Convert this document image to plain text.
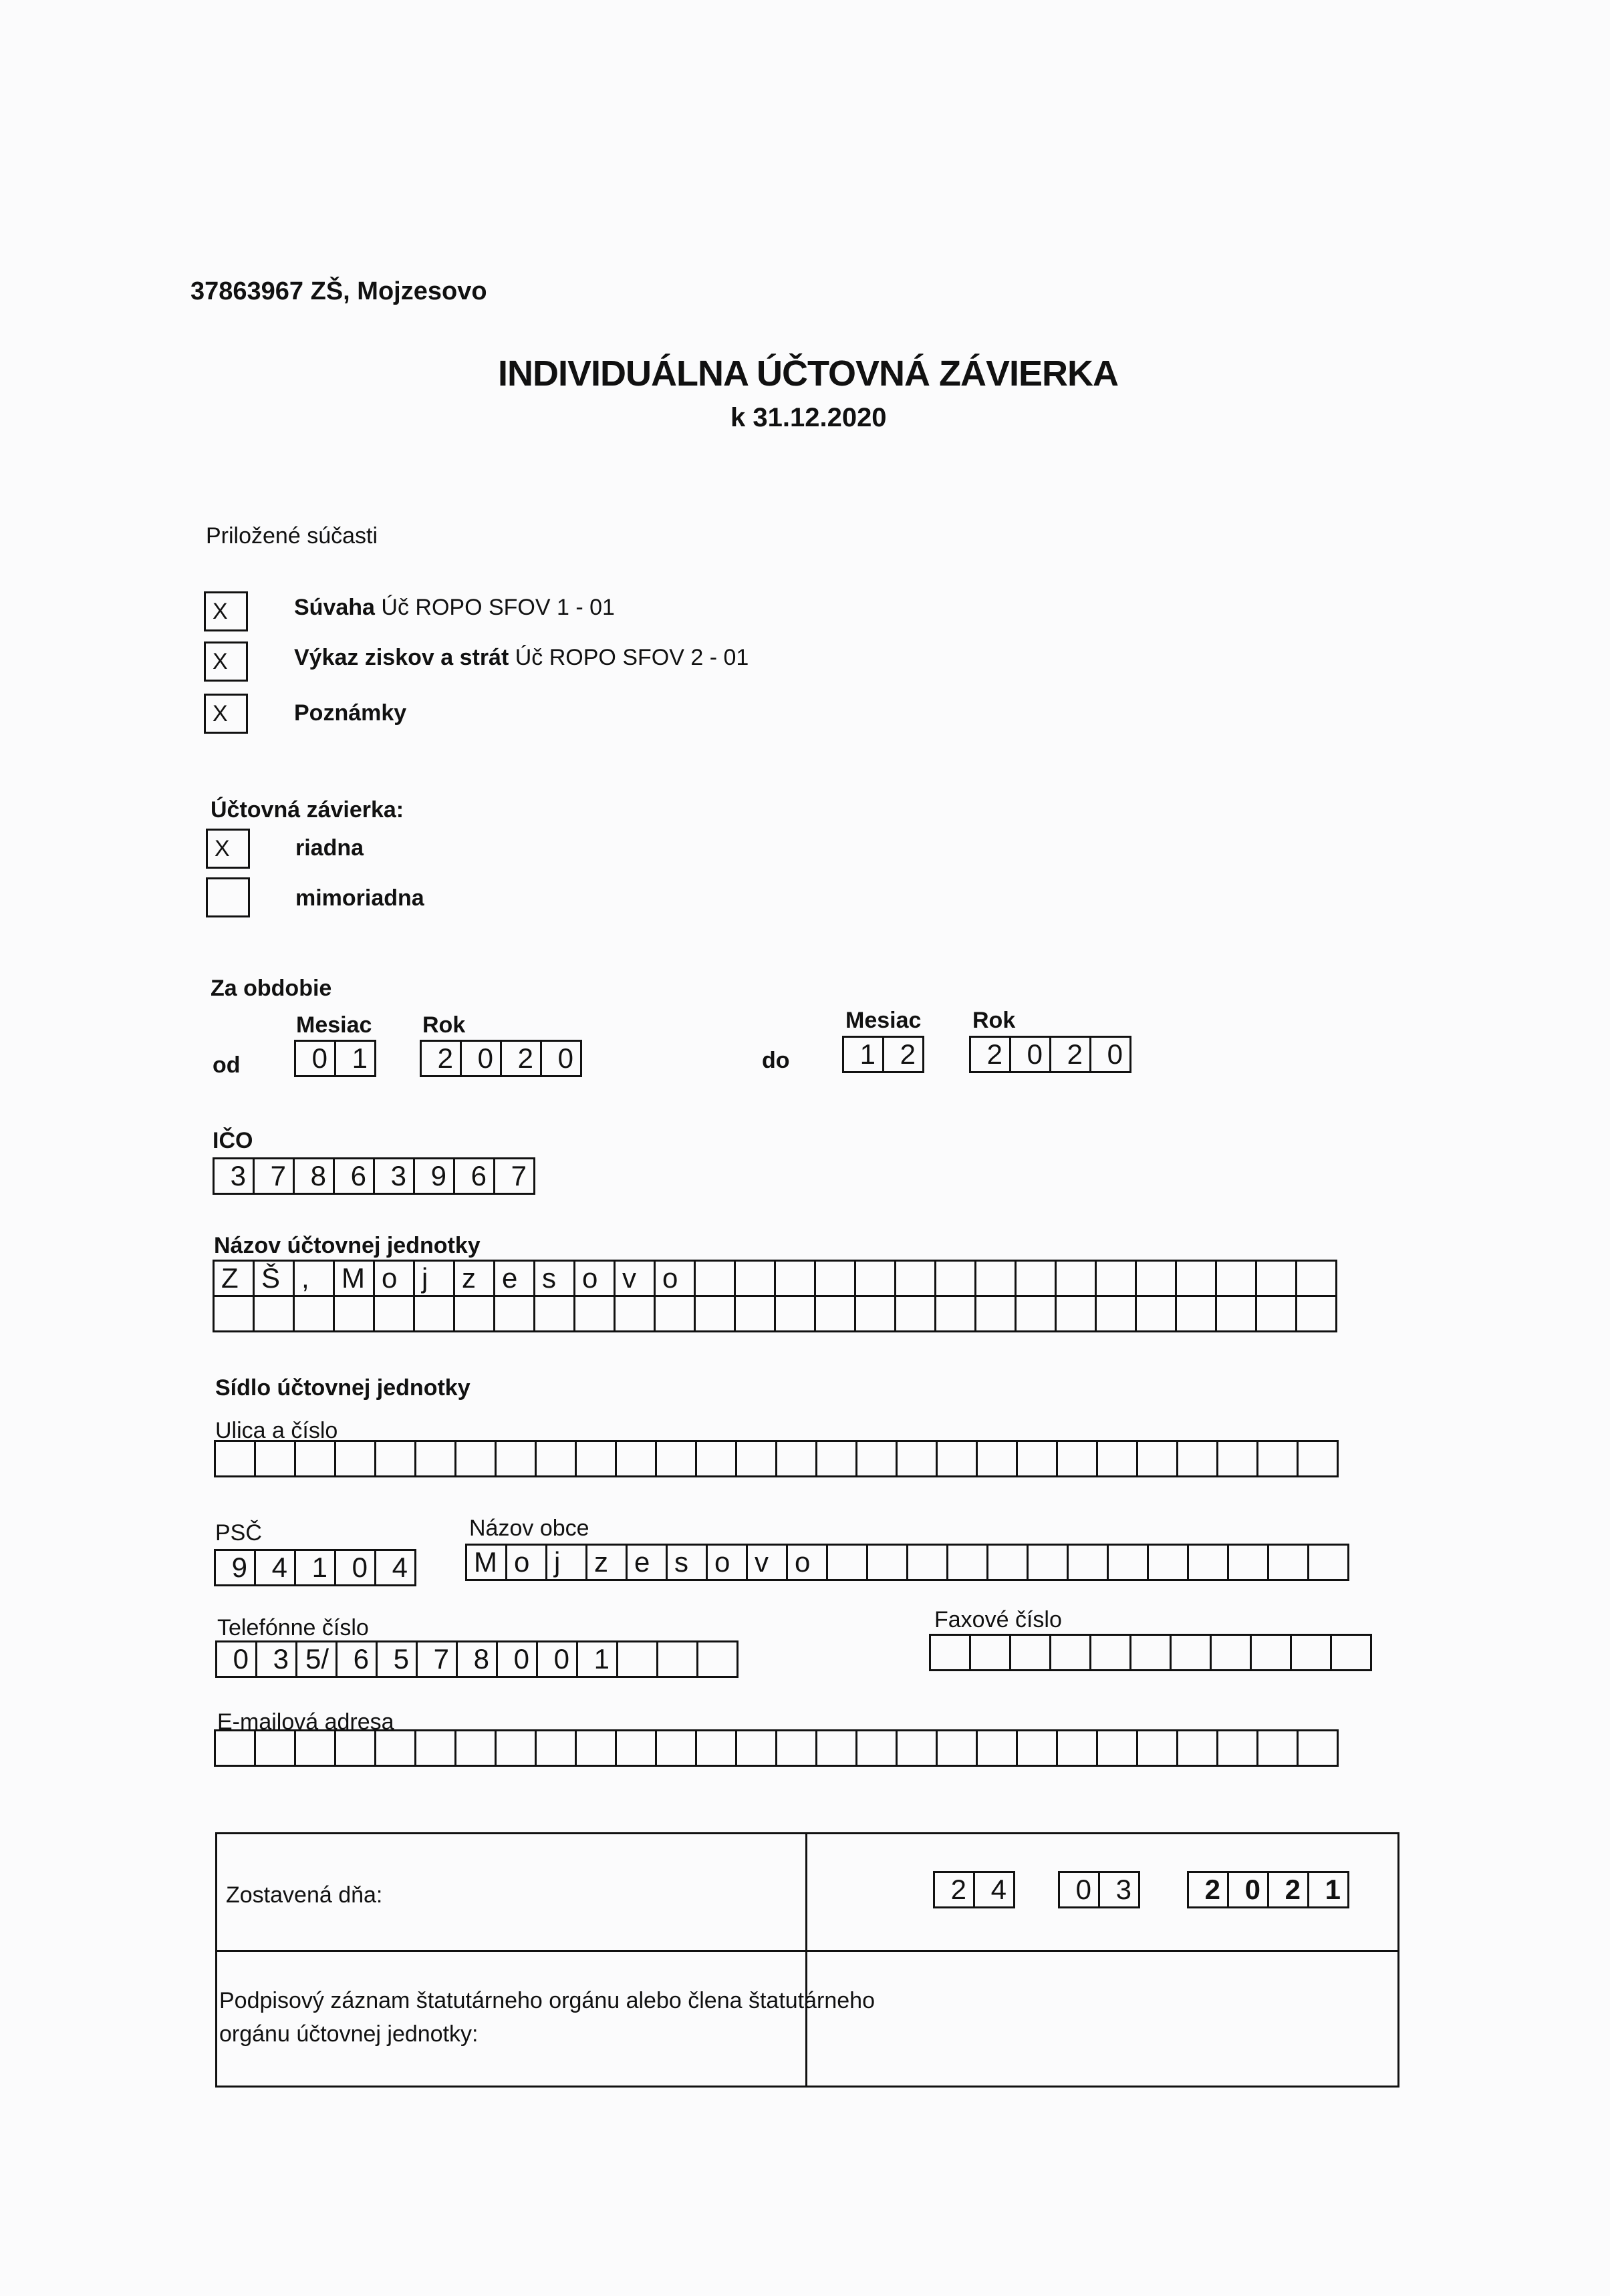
37863967 ZŠ, Mojzesovo
INDIVIDUÁLNA ÚČTOVNÁ ZÁVIERKA
k 31.12.2020
Priložené súčasti
X	Súvaha Úč ROPO SFOV 1 - 01
X	Výkaz ziskov a strát Úč ROPO SFOV 2 - 01
X	Poznámky
Účtovná závierka:
X	riadna
mimoriadna
Za obdobie
Mesiac Rok
od	0 1	2 0 2 0
Mesiac Rok
do	1 2	2 0 2 0
IČO
3 7 8 6 3 9 6 7
Názov účtovnej jednotky
Z Š ,	M o j	z e s o v o
Sídlo účtovnej jednotky
Ulica a číslo
PSČ
9 4 1 0 4
Názov obce
M o j	z e s o v o
Telefónne číslo
0 3 5/ 6 5 7 8 0 0 1
Faxové číslo
E-mailová adresa
Zostavená dňa:	2 4	0 3	2 0 2 1
Podpisový záznam štatutárneho orgánu alebo člena štatutárneho
orgánu účtovnej jednotky:
